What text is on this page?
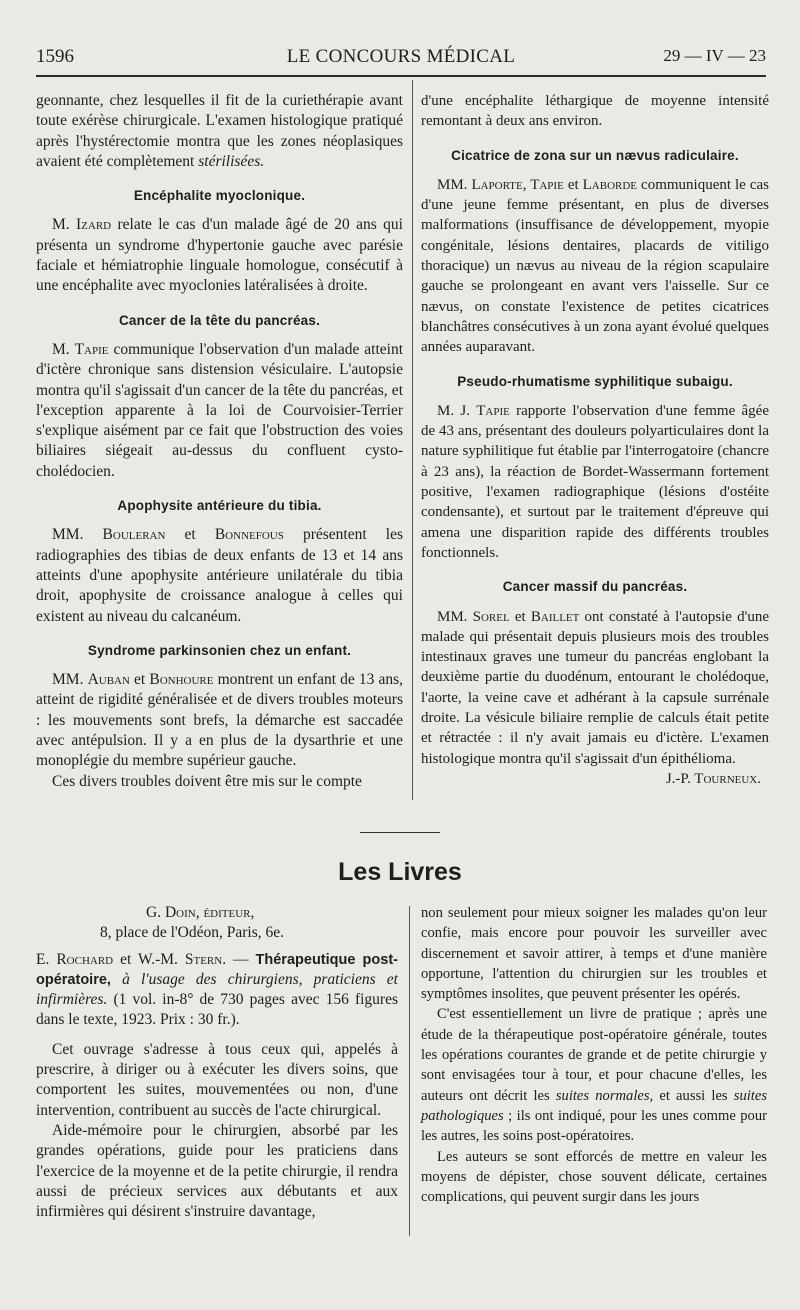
1596	LE CONCOURS MÉDICAL	29 — IV — 23

geonnante, chez lesquelles il fit de la curiethérapie avant toute exérèse chirurgicale. L'examen histologique pratiqué après l'hystérectomie montra que les zones néoplasiques avaient été complètement stérilisées.

Encéphalite myoclonique.

M. Izard relate le cas d'un malade âgé de 20 ans qui présenta un syndrome d'hypertonie gauche avec parésie faciale et hémiatrophie linguale homologue, consécutif à une encéphalite avec myoclonies latéralisées à droite.

Cancer de la tête du pancréas.

M. Tapie communique l'observation d'un malade atteint d'ictère chronique sans distension vésiculaire. L'autopsie montra qu'il s'agissait d'un cancer de la tête du pancréas, et l'exception apparente à la loi de Courvoisier-Terrier s'explique aisément par ce fait que l'obstruction des voies biliaires siégeait au-dessus du confluent cysto-cholédocien.

Apophysite antérieure du tibia.

MM. Bouleran et Bonnefous présentent les radiographies des tibias de deux enfants de 13 et 14 ans atteints d'une apophysite antérieure unilatérale du tibia droit, apophysite de croissance analogue à celles qui existent au niveau du calcanéum.

Syndrome parkinsonien chez un enfant.

MM. Auban et Bonhoure montrent un enfant de 13 ans, atteint de rigidité généralisée et de divers troubles moteurs : les mouvements sont brefs, la démarche est saccadée avec antépulsion. Il y a en plus de la dysarthrie et une monoplégie du membre supérieur gauche.

Ces divers troubles doivent être mis sur le compte

d'une encéphalite léthargique de moyenne intensité remontant à deux ans environ.

Cicatrice de zona sur un nævus radiculaire.

MM. Laporte, Tapie et Laborde communiquent le cas d'une jeune femme présentant, en plus de diverses malformations (insuffisance de développement, myopie congénitale, lésions dentaires, placards de vitiligo thoracique) un nævus au niveau de la région scapulaire gauche se prolongeant en avant vers l'aisselle. Sur ce nævus, on constate l'existence de petites cicatrices blanchâtres consécutives à un zona ayant évolué quelques années auparavant.

Pseudo-rhumatisme syphilitique subaigu.

M. J. Tapie rapporte l'observation d'une femme âgée de 43 ans, présentant des douleurs polyarticulaires dont la nature syphilitique fut établie par l'interrogatoire (chancre à 23 ans), la réaction de Bordet-Wassermann fortement positive, l'examen radiographique (lésions d'ostéite condensante), et surtout par le traitement d'épreuve qui amena une disparition rapide des différents troubles fonctionnels.

Cancer massif du pancréas.

MM. Sorel et Baillet ont constaté à l'autopsie d'une malade qui présentait depuis plusieurs mois des troubles intestinaux graves une tumeur du pancréas englobant la deuxième partie du duodénum, entourant le cholédoque, l'aorte, la veine cave et adhérant à la capsule surrénale droite. La vésicule biliaire remplie de calculs était petite et rétractée : il n'y avait jamais eu d'ictère. L'examen histologique montra qu'il s'agissait d'un épithélioma.

J.-P. Tourneux.

Les Livres

G. Doin, éditeur,

8, place de l'Odéon, Paris, 6e.

E. Rochard et W.-M. Stern. — Thérapeutique post-opératoire, à l'usage des chirurgiens, praticiens et infirmières. (1 vol. in-8° de 730 pages avec 156 figures dans le texte, 1923. Prix : 30 fr.).

Cet ouvrage s'adresse à tous ceux qui, appelés à prescrire, à diriger ou à exécuter les divers soins, que comportent les suites, mouvementées ou non, d'une intervention, contribuent au succès de l'acte chirurgical.

Aide-mémoire pour le chirurgien, absorbé par les grandes opérations, guide pour les praticiens dans l'exercice de la moyenne et de la petite chirurgie, il rendra aussi de précieux services aux débutants et aux infirmières qui désirent s'instruire davantage,

non seulement pour mieux soigner les malades qu'on leur confie, mais encore pour pouvoir les surveiller avec discernement et savoir attirer, à temps et d'une manière opportune, l'attention du chirurgien sur les troubles et symptômes insolites, que peuvent présenter les opérés.

C'est essentiellement un livre de pratique ; après une étude de la thérapeutique post-opératoire générale, toutes les opérations courantes de grande et de petite chirurgie y sont envisagées tour à tour, et pour chacune d'elles, les auteurs ont décrit les suites normales, et aussi les suites pathologiques ; ils ont indiqué, pour les unes comme pour les autres, les soins post-opératoires.

Les auteurs se sont efforcés de mettre en valeur les moyens de dépister, chose souvent délicate, certaines complications, qui peuvent surgir dans les jours
